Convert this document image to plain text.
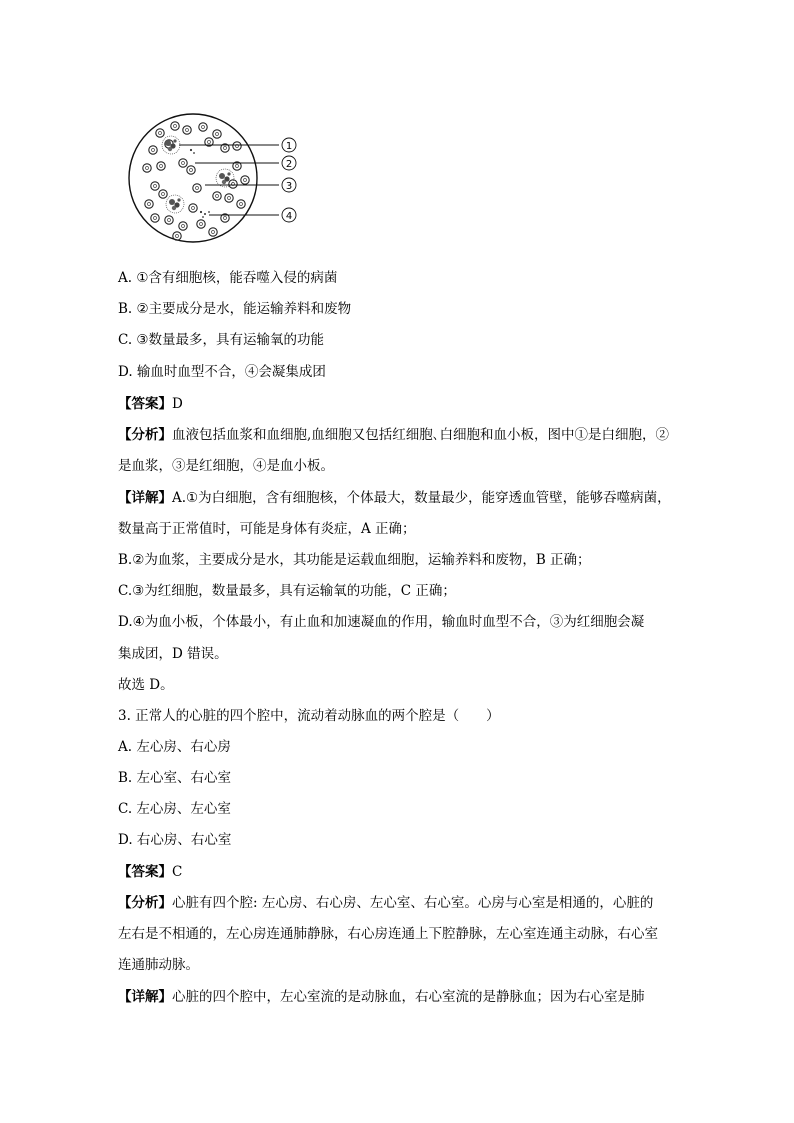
1
2
3
4
A. ①含有细胞核，能吞噬入侵的病菌
B. ②主要成分是水，能运输养料和废物
C. ③数量最多，具有运输氧的功能
D. 输血时血型不合，④会凝集成团
【答案】D
【分析】血液包括血浆和血细胞,血细胞又包括红细胞､白细胞和血小板，图中①是白细胞，②
是血浆，③是红细胞，④是血小板。
【详解】A.①为白细胞，含有细胞核，个体最大，数量最少，能穿透血管壁，能够吞噬病菌，
数量高于正常值时，可能是身体有炎症，A 正确；
B.②为血浆，主要成分是水，其功能是运载血细胞，运输养料和废物，B 正确；
C.③为红细胞，数量最多，具有运输氧的功能，C 正确；
D.④为血小板，个体最小，有止血和加速凝血的作用，输血时血型不合，③为红细胞会凝
集成团，D 错误。
故选 D。
3. 正常人的心脏的四个腔中，流动着动脉血的两个腔是（　　）
A. 左心房、右心房
B. 左心室、右心室
C. 左心房、左心室
D. 右心房、右心室
【答案】C
【分析】心脏有四个腔: 左心房、右心房、左心室、右心室。心房与心室是相通的，心脏的
左右是不相通的，左心房连通肺静脉，右心房连通上下腔静脉，左心室连通主动脉，右心室
连通肺动脉。
【详解】心脏的四个腔中，左心室流的是动脉血，右心室流的是静脉血；因为右心室是肺
